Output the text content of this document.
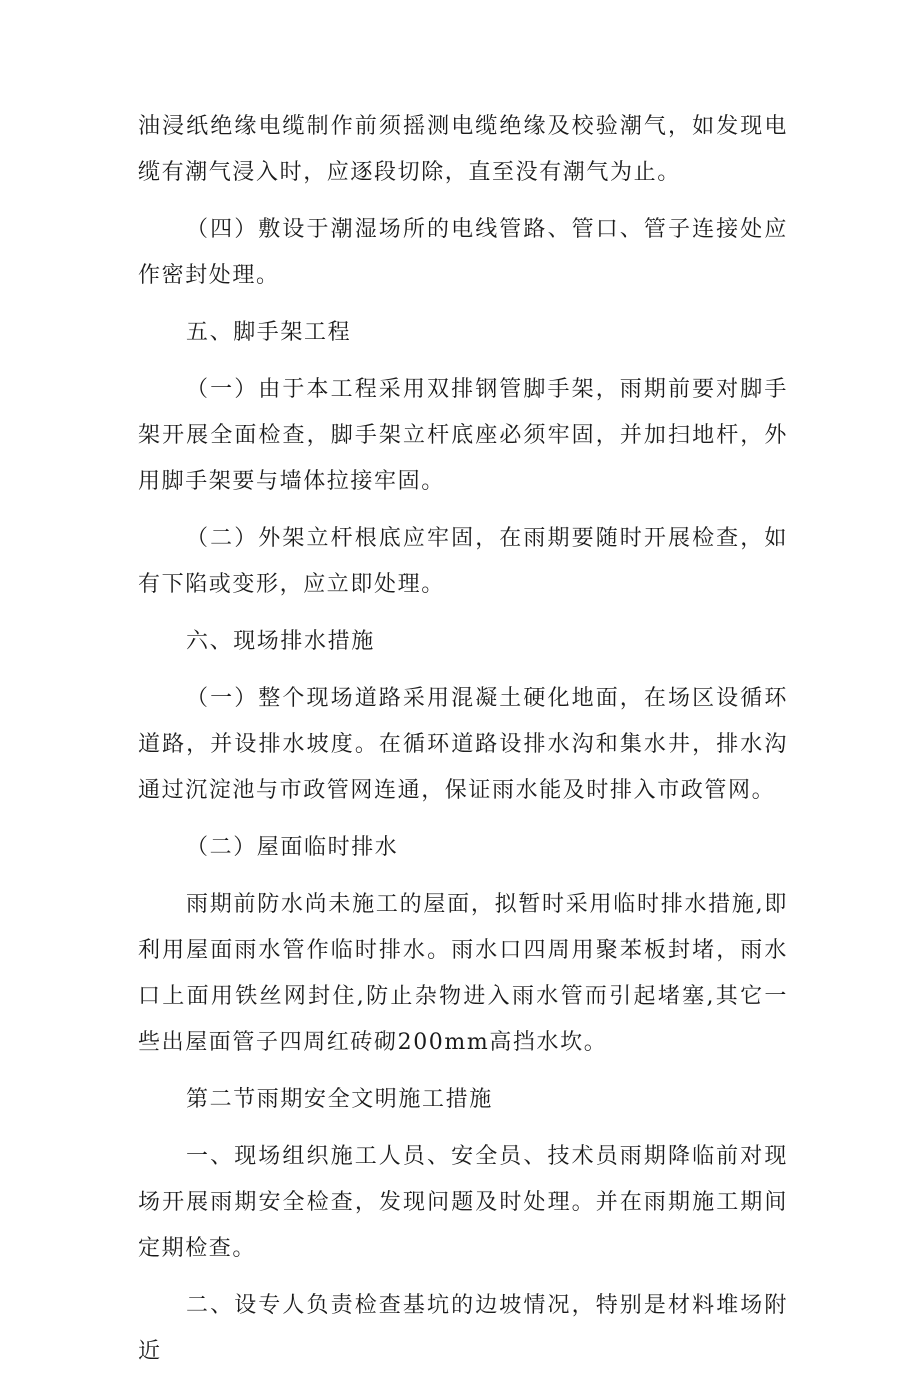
油浸纸绝缘电缆制作前须摇测电缆绝缘及校验潮气，如发现电缆有潮气浸入时，应逐段切除，直至没有潮气为止。

（四）敷设于潮湿场所的电线管路、管口、管子连接处应作密封处理。

五、脚手架工程

（一）由于本工程采用双排钢管脚手架，雨期前要对脚手架开展全面检查，脚手架立杆底座必须牢固，并加扫地杆，外用脚手架要与墙体拉接牢固。

（二）外架立杆根底应牢固，在雨期要随时开展检查，如有下陷或变形，应立即处理。

六、现场排水措施

（一）整个现场道路采用混凝土硬化地面，在场区设循环道路，并设排水坡度。在循环道路设排水沟和集水井，排水沟通过沉淀池与市政管网连通，保证雨水能及时排入市政管网。

（二）屋面临时排水

雨期前防水尚未施工的屋面，拟暂时采用临时排水措施,即利用屋面雨水管作临时排水。雨水口四周用聚苯板封堵，雨水口上面用铁丝网封住,防止杂物进入雨水管而引起堵塞,其它一些出屋面管子四周红砖砌200mm高挡水坎。

第二节雨期安全文明施工措施

一、现场组织施工人员、安全员、技术员雨期降临前对现场开展雨期安全检查，发现问题及时处理。并在雨期施工期间定期检查。

二、设专人负责检查基坑的边坡情况，特别是材料堆场附近
